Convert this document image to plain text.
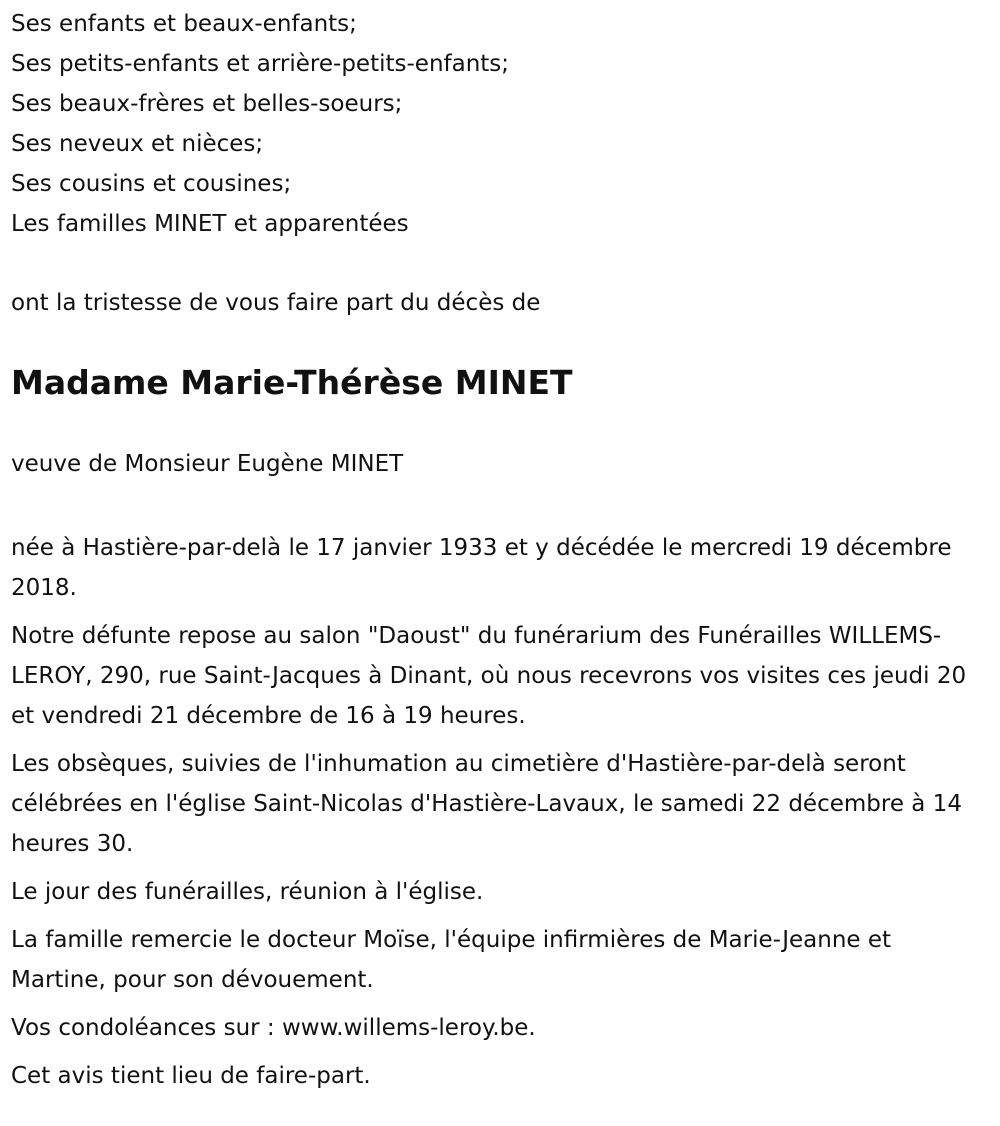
Ses enfants et beaux-enfants;

Ses petits-enfants et arrière-petits-enfants;

Ses beaux-frères et belles-soeurs;

Ses neveux et nièces;

Ses cousins et cousines;

Les familles MINET et apparentées

ont la tristesse de vous faire part du décès de

Madame Marie-Thérèse MINET

veuve de Monsieur Eugène MINET

née à Hastière-par-delà le 17 janvier 1933 et y décédée le mercredi 19 décembre 2018.

Notre défunte repose au salon "Daoust" du funérarium des Funérailles WILLEMS-LEROY, 290, rue Saint-Jacques à Dinant, où nous recevrons vos visites ces jeudi 20 et vendredi 21 décembre de 16 à 19 heures.

Les obsèques, suivies de l'inhumation au cimetière d'Hastière-par-delà seront célébrées en l'église Saint-Nicolas d'Hastière-Lavaux, le samedi 22 décembre à 14 heures 30.

Le jour des funérailles, réunion à l'église.

La famille remercie le docteur Moïse, l'équipe infirmières de Marie-Jeanne et Martine, pour son dévouement.

Vos condoléances sur : www.willems-leroy.be.

Cet avis tient lieu de faire-part.
